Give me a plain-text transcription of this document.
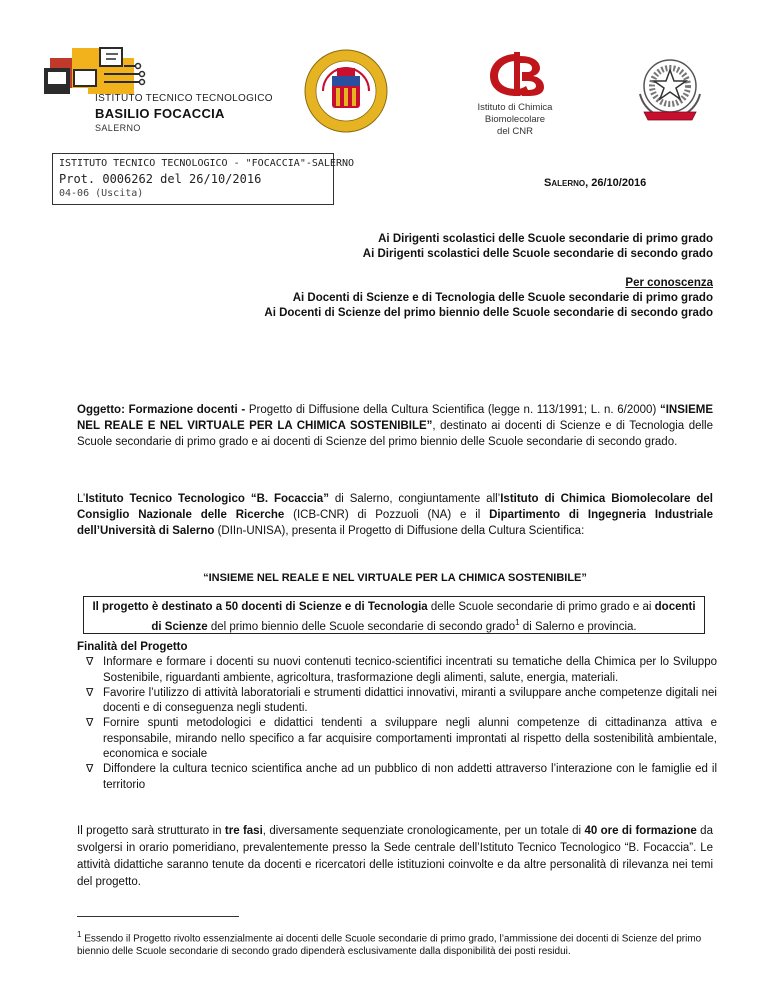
ISTITUTO TECNICO TECNOLOGICO
BASILIO FOCACCIA
SALERNO
Istituto di Chimica
Biomolecolare
del CNR
ISTITUTO TECNICO TECNOLOGICO - "FOCACCIA"-SALERNO
Prot. 0006262 del 26/10/2016
04-06 (Uscita)
Salerno, 26/10/2016
Ai Dirigenti scolastici delle Scuole secondarie di primo grado
Ai Dirigenti scolastici delle Scuole secondarie di secondo grado
Per conoscenza
Ai Docenti di Scienze e di Tecnologia delle Scuole secondarie di primo grado
Ai Docenti di Scienze del primo biennio delle Scuole secondarie di secondo grado
Oggetto: Formazione docenti - Progetto di Diffusione della Cultura Scientifica (legge n. 113/1991; L. n. 6/2000) “INSIEME NEL REALE E NEL VIRTUALE PER LA CHIMICA SOSTENIBILE”, destinato ai docenti di Scienze e di Tecnologia delle Scuole secondarie di primo grado e ai docenti di Scienze del primo biennio delle Scuole secondarie di secondo grado.
L’Istituto Tecnico Tecnologico “B. Focaccia” di Salerno, congiuntamente all’Istituto di Chimica Biomolecolare del Consiglio Nazionale delle Ricerche (ICB-CNR) di Pozzuoli (NA) e il Dipartimento di Ingegneria Industriale dell’Università di Salerno (DIIn-UNISA), presenta il Progetto di Diffusione della Cultura Scientifica:
“INSIEME NEL REALE E NEL VIRTUALE PER LA CHIMICA SOSTENIBILE”
Il progetto è destinato a 50 docenti di Scienze e di Tecnologia delle Scuole secondarie di primo grado e ai docenti di Scienze del primo biennio delle Scuole secondarie di secondo grado$^1$ di Salerno e provincia.
Finalità del Progetto
∇ Informare e formare i docenti su nuovi contenuti tecnico-scientifici incentrati su tematiche della Chimica per lo Sviluppo Sostenibile, riguardanti ambiente, agricoltura, trasformazione degli alimenti, salute, energia, materiali.
∇ Favorire l’utilizzo di attività laboratoriali e strumenti didattici innovativi, miranti a sviluppare anche competenze digitali nei docenti e di conseguenza negli studenti.
∇ Fornire spunti metodologici e didattici tendenti a sviluppare negli alunni competenze di cittadinanza attiva e responsabile, mirando nello specifico a far acquisire comportamenti improntati al rispetto della sostenibilità ambientale, economica e sociale
∇ Diffondere la cultura tecnico scientifica anche ad un pubblico di non addetti attraverso l’interazione con le famiglie ed il territorio
Il progetto sarà strutturato in tre fasi, diversamente sequenziate cronologicamente, per un totale di 40 ore di formazione da svolgersi in orario pomeridiano, prevalentemente presso la Sede centrale dell’Istituto Tecnico Tecnologico “B. Focaccia”. Le attività didattiche saranno tenute da docenti e ricercatori delle istituzioni coinvolte e da altre personalità di rilevanza nei temi del progetto.
$^1$ Essendo il Progetto rivolto essenzialmente ai docenti delle Scuole secondarie di primo grado, l’ammissione dei docenti di Scienze del primo biennio delle Scuole secondarie di secondo grado dipenderà esclusivamente dalla disponibilità dei posti residui.
